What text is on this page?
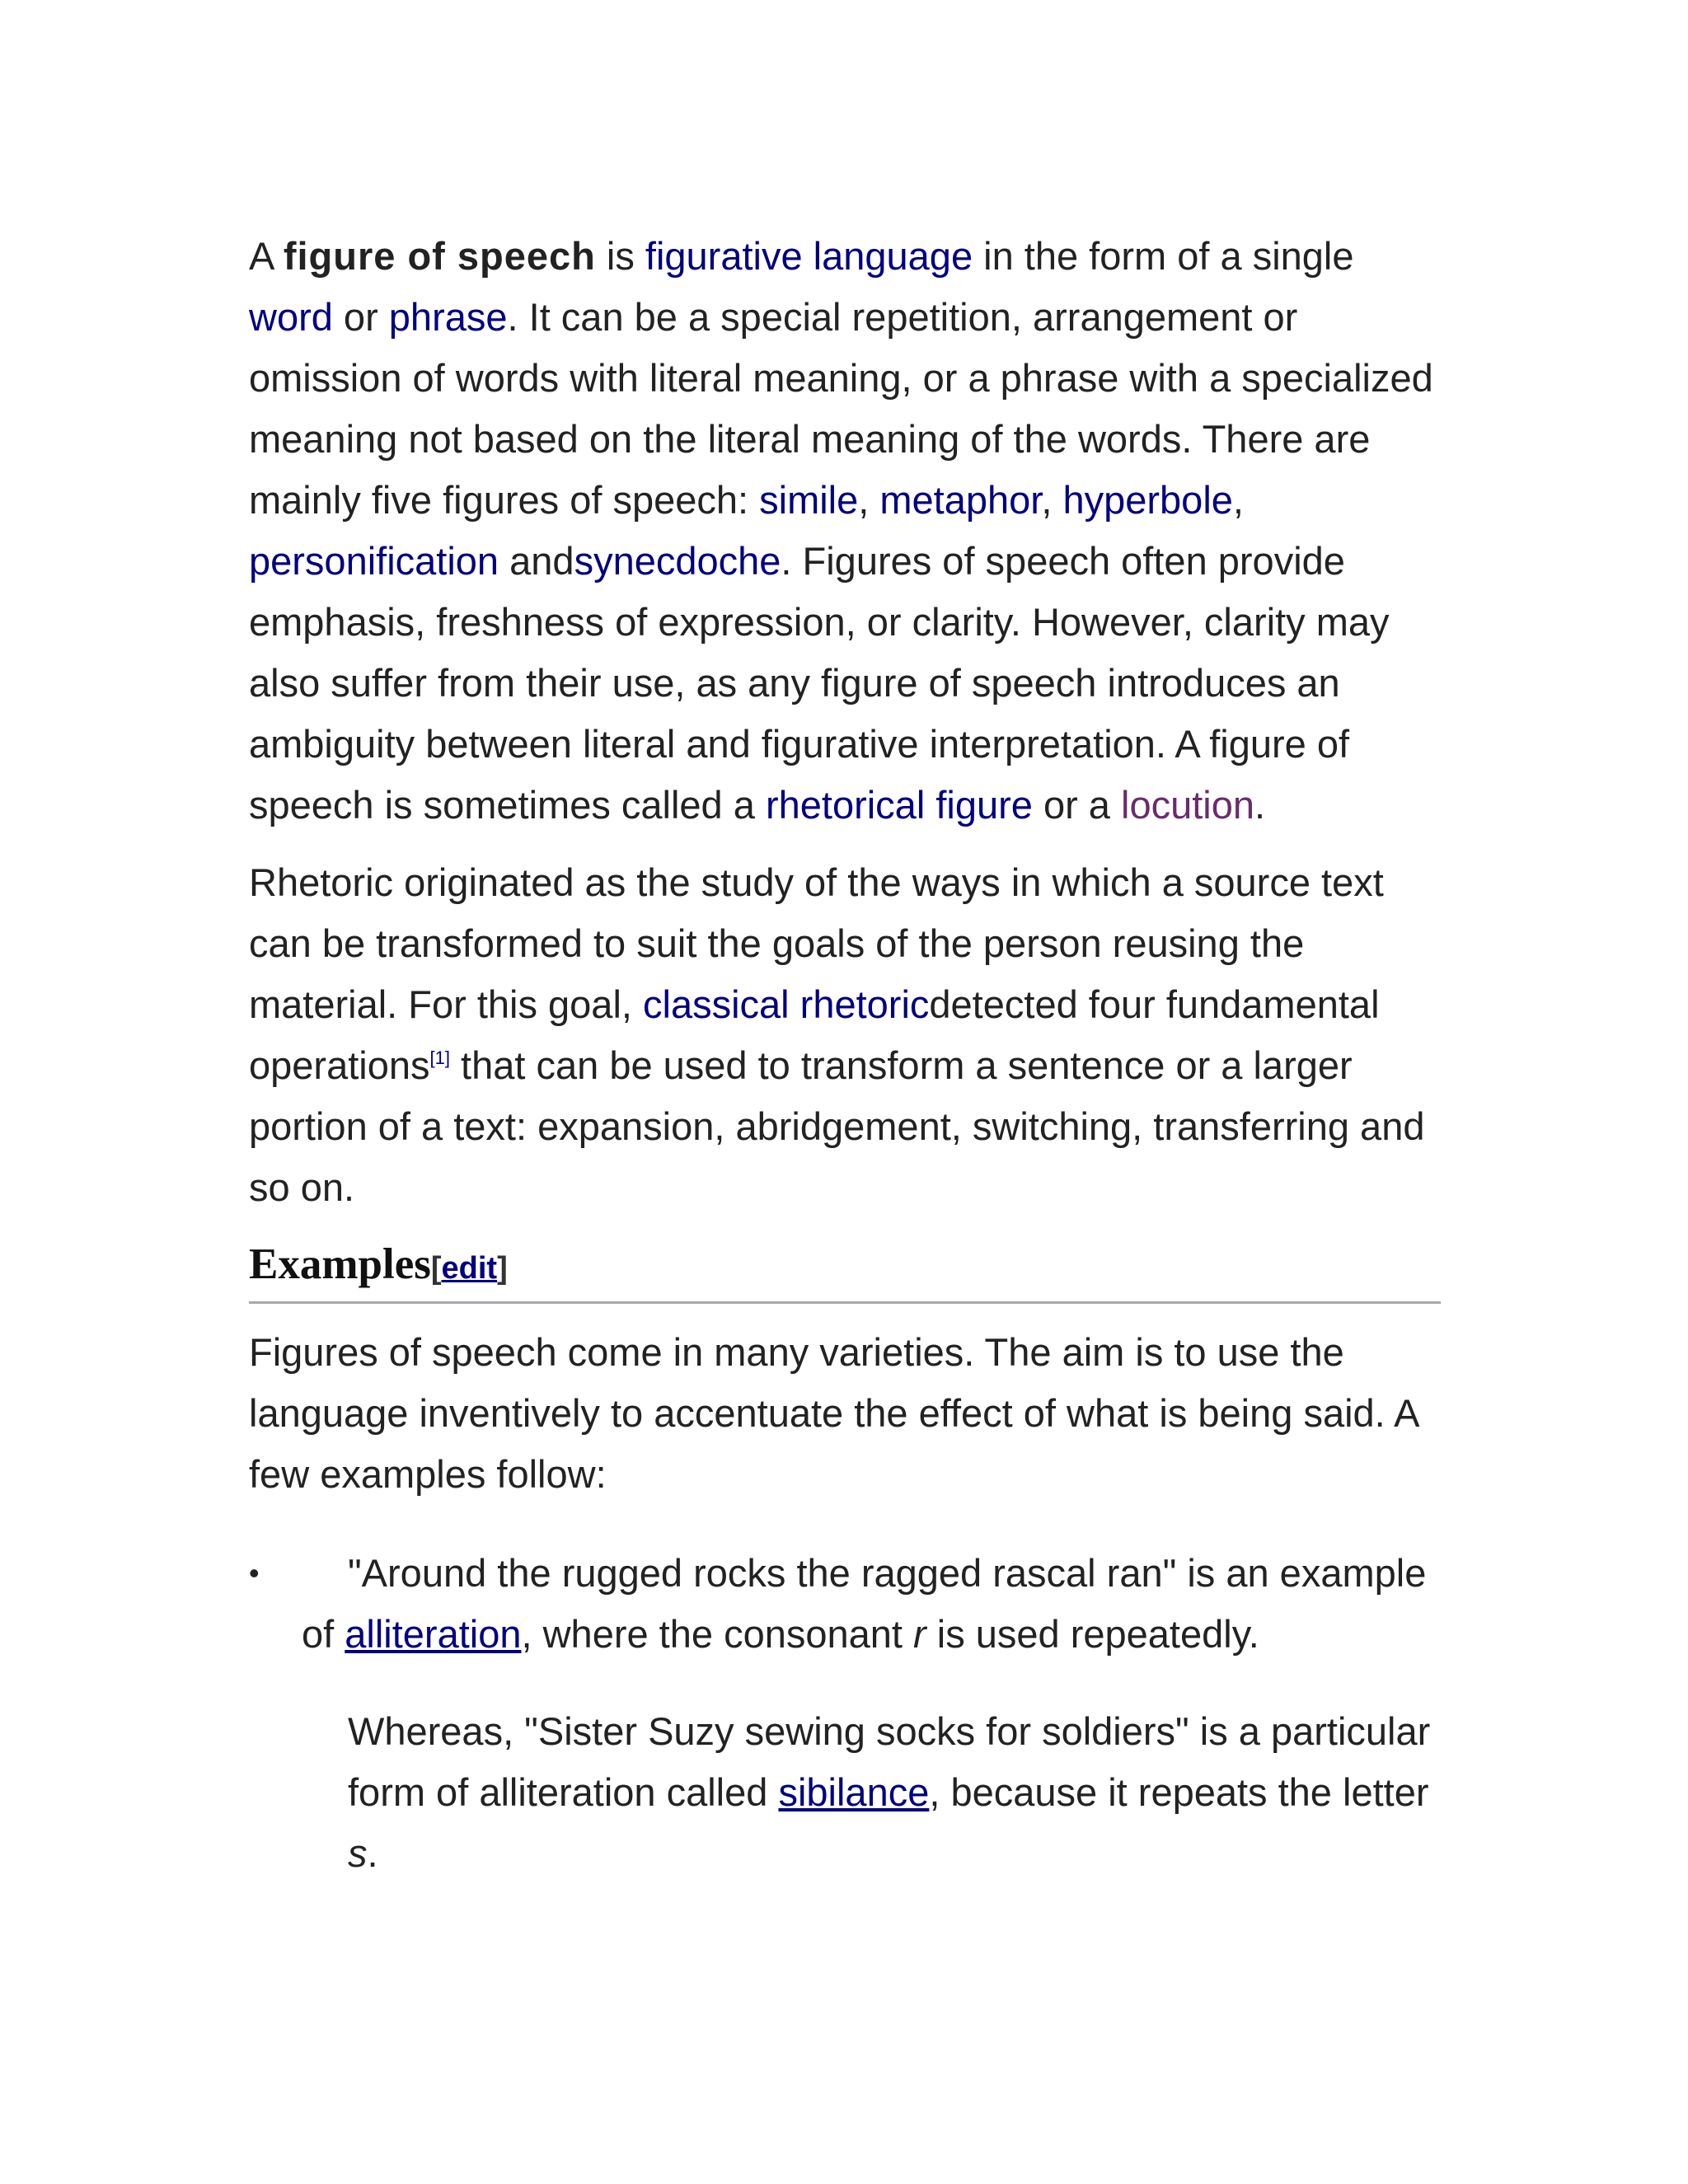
A figure of speech is figurative language in the form of a single word or phrase. It can be a special repetition, arrangement or omission of words with literal meaning, or a phrase with a specialized meaning not based on the literal meaning of the words. There are mainly five figures of speech: simile, metaphor, hyperbole, personification andsynecdoche. Figures of speech often provide emphasis, freshness of expression, or clarity. However, clarity may also suffer from their use, as any figure of speech introduces an ambiguity between literal and figurative interpretation. A figure of speech is sometimes called a rhetorical figure or a locution.

Rhetoric originated as the study of the ways in which a source text can be transformed to suit the goals of the person reusing the material. For this goal, classical rhetoricdetected four fundamental operations[1] that can be used to transform a sentence or a larger portion of a text: expansion, abridgement, switching, transferring and so on.

Examples[edit]

Figures of speech come in many varieties. The aim is to use the language inventively to accentuate the effect of what is being said. A few examples follow:

• "Around the rugged rocks the ragged rascal ran" is an example of alliteration, where the consonant r is used repeatedly.

Whereas, "Sister Suzy sewing socks for soldiers" is a particular form of alliteration called sibilance, because it repeats the letter s.
